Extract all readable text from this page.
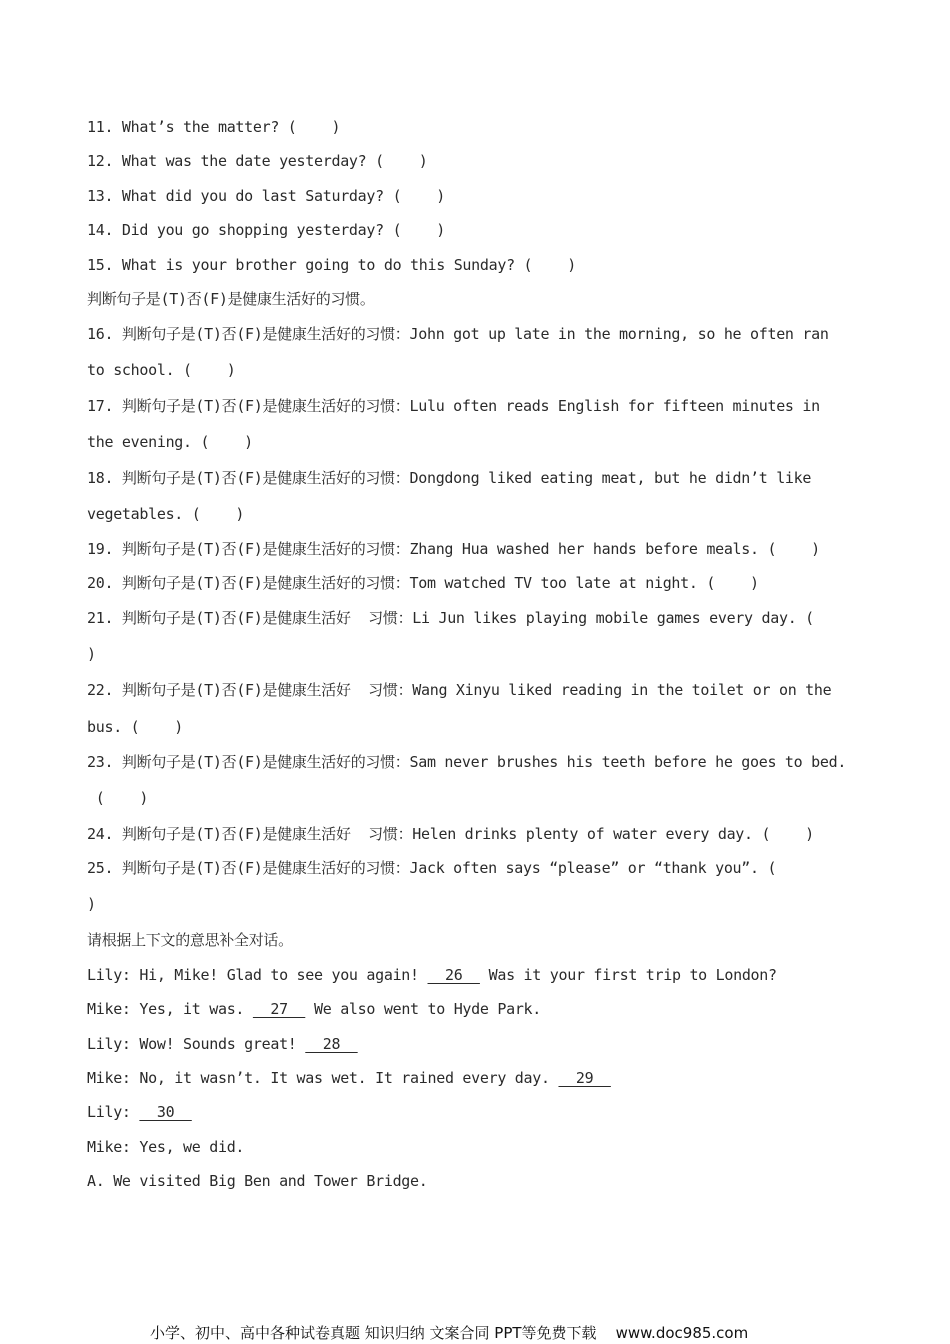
11. What’s the matter? (    )
12. What was the date yesterday? (    )
13. What did you do last Saturday? (    )
14. Did you go shopping yesterday? (    )
15. What is your brother going to do this Sunday? (    )
判断句子是(T)否(F)是健康生活好的习惯。
16. 判断句子是(T)否(F)是健康生活好的习惯：John got up late in the morning, so he often ran
to school. (    )
17. 判断句子是(T)否(F)是健康生活好的习惯：Lulu often reads English for fifteen minutes in
the evening. (    )
18. 判断句子是(T)否(F)是健康生活好的习惯：Dongdong liked eating meat, but he didn’t like
vegetables. (    )
19. 判断句子是(T)否(F)是健康生活好的习惯：Zhang Hua washed her hands before meals. (    )
20. 判断句子是(T)否(F)是健康生活好的习惯：Tom watched TV too late at night. (    )
21. 判断句子是(T)否(F)是健康生活好  习惯：Li Jun likes playing mobile games every day. (
)
22. 判断句子是(T)否(F)是健康生活好  习惯：Wang Xinyu liked reading in the toilet or on the
bus. (    )
23. 判断句子是(T)否(F)是健康生活好的习惯：Sam never brushes his teeth before he goes to bed.
(    )
24. 判断句子是(T)否(F)是健康生活好  习惯：Helen drinks plenty of water every day. (    )
25. 判断句子是(T)否(F)是健康生活好的习惯：Jack often says “please” or “thank you”. (
)
请根据上下文的意思补全对话。
Lily: Hi, Mike! Glad to see you again!   26   Was it your first trip to London?
Mike: Yes, it was.   27   We also went to Hyde Park.
Lily: Wow! Sounds great!   28
Mike: No, it wasn’t. It was wet. It rained every day.   29
Lily:   30
Mike: Yes, we did.
A. We visited Big Ben and Tower Bridge.
小学、初中、高中各种试卷真题 知识归纳 文案合同 PPT等免费下载    www.doc985.com
